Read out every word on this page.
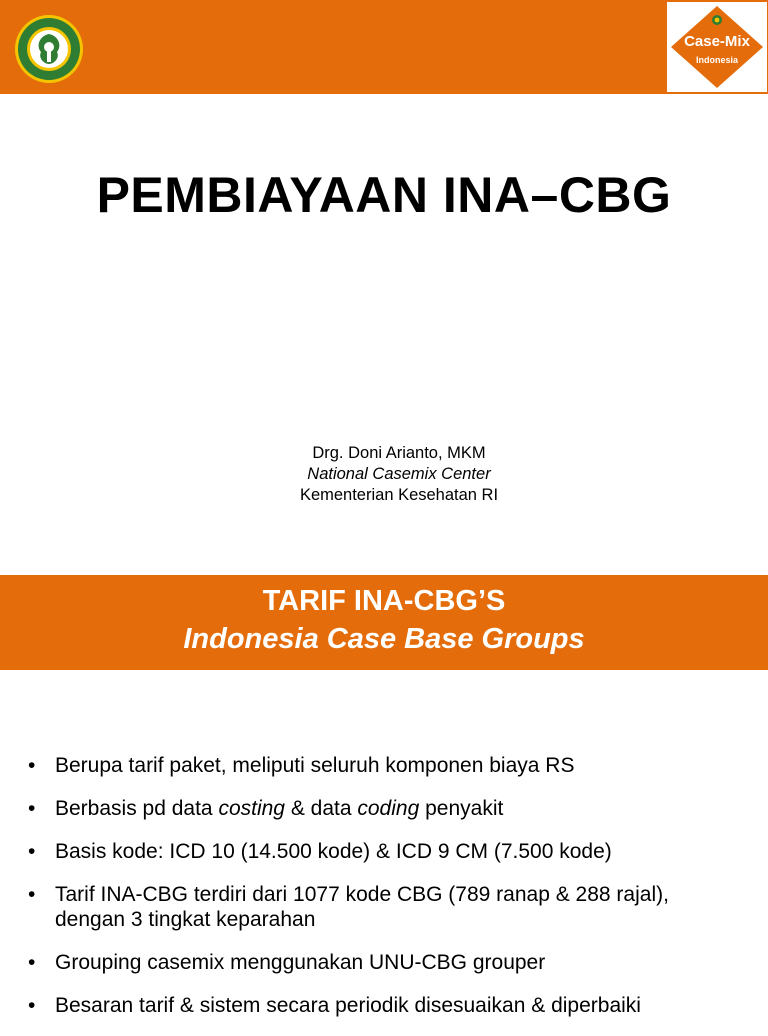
Case-Mix
Indonesia
PEMBIAYAAN INA–CBG
Drg. Doni Arianto, MKM
National Casemix Center
Kementerian Kesehatan RI
TARIF INA-CBG’S
Indonesia Case Base Groups
• Berupa tarif paket, meliputi seluruh komponen biaya RS
• Berbasis pd data costing & data coding penyakit
• Basis kode: ICD 10 (14.500 kode) & ICD 9 CM (7.500 kode)
• Tarif INA-CBG terdiri dari 1077 kode CBG (789 ranap & 288 rajal),
dengan 3 tingkat keparahan
• Grouping casemix menggunakan UNU-CBG grouper
• Besaran tarif & sistem secara periodik disesuaikan & diperbaiki
